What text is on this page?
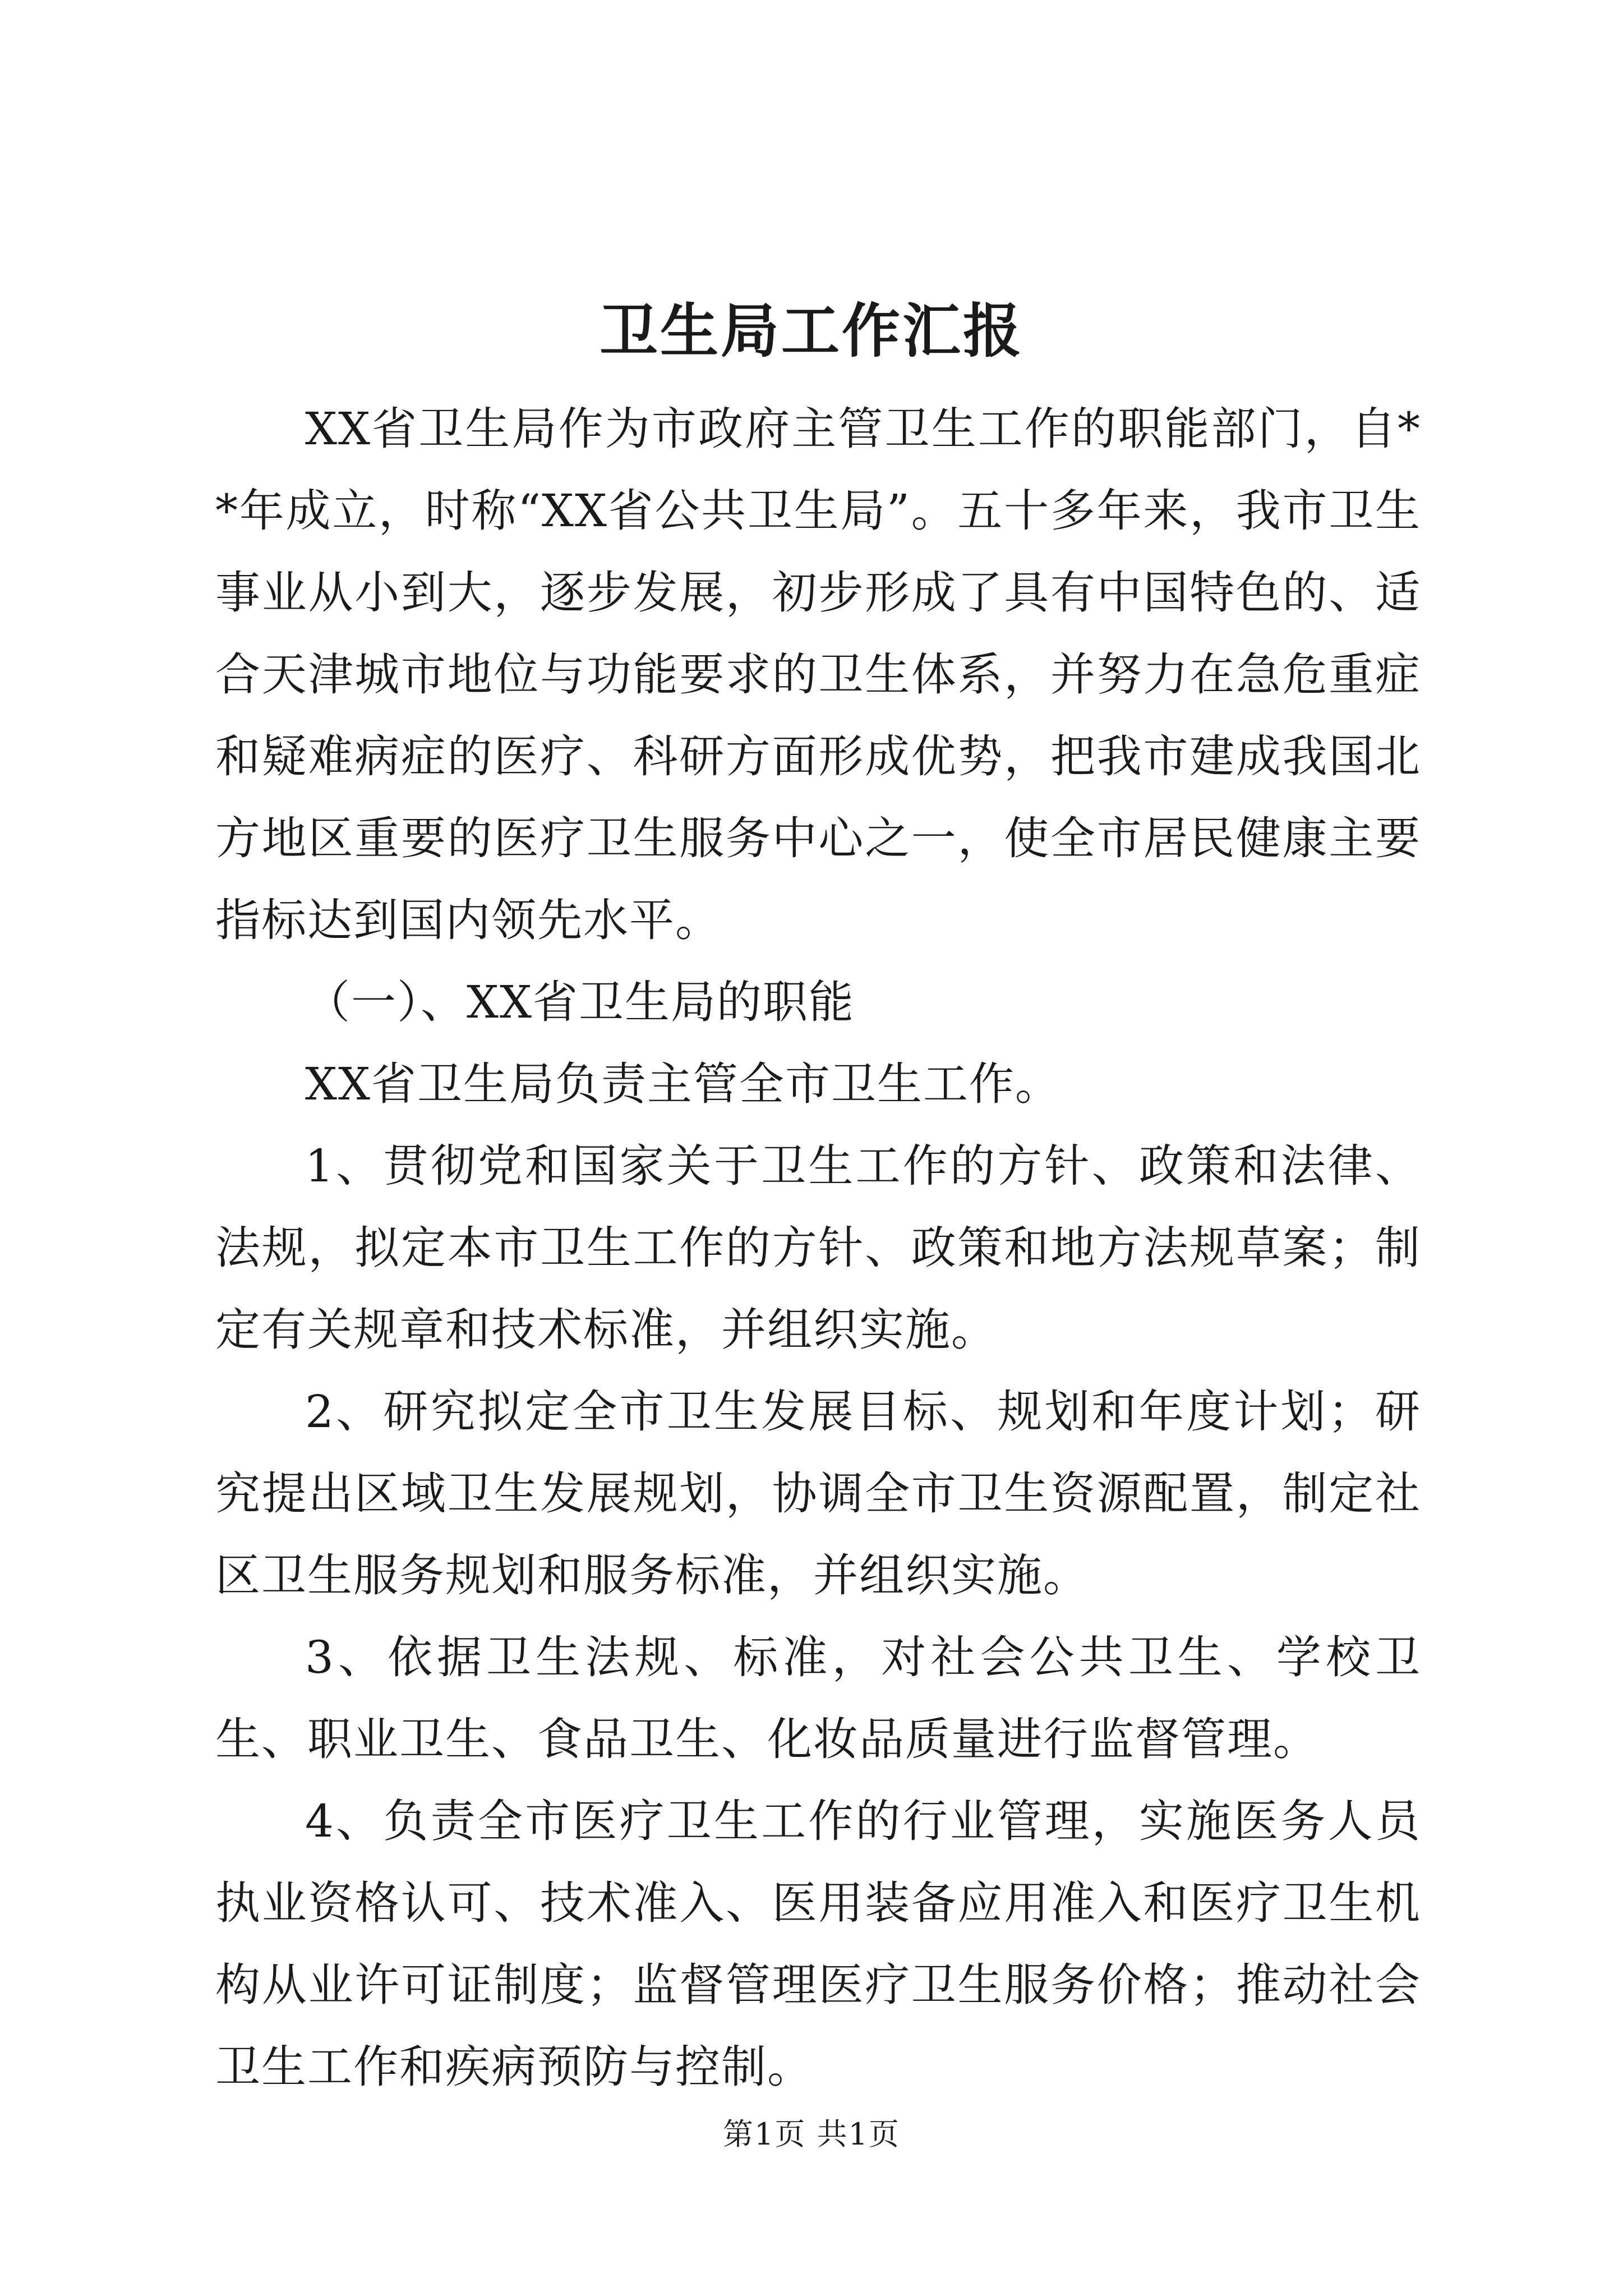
卫生局工作汇报

XX省卫生局作为市政府主管卫生工作的职能部门，自**年成立，时称“XX省公共卫生局”。五十多年来，我市卫生事业从小到大，逐步发展，初步形成了具有中国特色的、适合天津城市地位与功能要求的卫生体系，并努力在急危重症和疑难病症的医疗、科研方面形成优势，把我市建成我国北方地区重要的医疗卫生服务中心之一，使全市居民健康主要指标达到国内领先水平。

（一）、XX省卫生局的职能

XX省卫生局负责主管全市卫生工作。

1、贯彻党和国家关于卫生工作的方针、政策和法律、法规，拟定本市卫生工作的方针、政策和地方法规草案；制定有关规章和技术标准，并组织实施。

2、研究拟定全市卫生发展目标、规划和年度计划；研究提出区域卫生发展规划，协调全市卫生资源配置，制定社区卫生服务规划和服务标准，并组织实施。

3、依据卫生法规、标准，对社会公共卫生、学校卫生、职业卫生、食品卫生、化妆品质量进行监督管理。

4、负责全市医疗卫生工作的行业管理，实施医务人员执业资格认可、技术准入、医用装备应用准入和医疗卫生机构从业许可证制度；监督管理医疗卫生服务价格；推动社会卫生工作和疾病预防与控制。

第1页 共1页
